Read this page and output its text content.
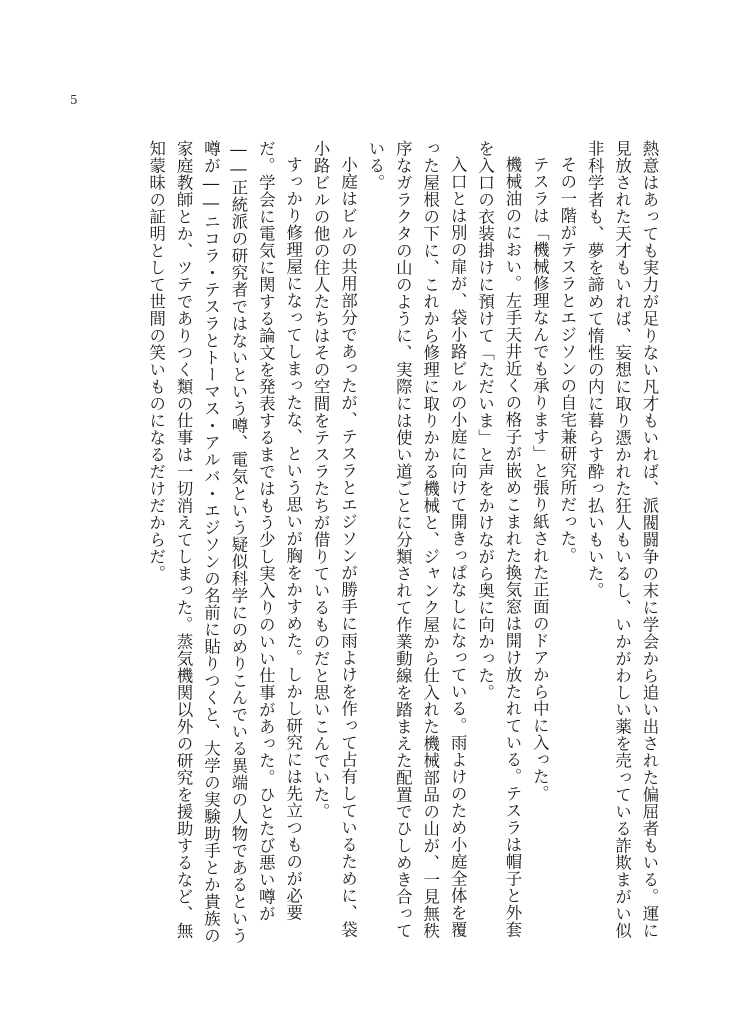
5

熱意はあっても実力が足りない凡才もいれば、派閥闘争の末に学会から追い出された偏屈者もいる。運に見放された天才もいれば、妄想に取り憑かれた狂人もいるし、いかがわしい薬を売っている詐欺まがい似非科学者も、夢を諦めて惰性の内に暮らす酔っ払いもいた。

その一階がテスラとエジソンの自宅兼研究所だった。

テスラは「機械修理なんでも承ります」と張り紙された正面のドアから中に入った。

機械油のにおい。左手天井近くの格子が嵌めこまれた換気窓は開け放たれている。テスラは帽子と外套を入口の衣装掛けに預けて「ただいま」と声をかけながら奥に向かった。

入口とは別の扉が、袋小路ビルの小庭に向けて開きっぱなしになっている。雨よけのため小庭全体を覆った屋根の下に、これから修理に取りかかる機械と、ジャンク屋から仕入れた機械部品の山が、一見無秩序なガラクタの山のように、実際には使い道ごとに分類されて作業動線を踏まえた配置でひしめき合っている。

小庭はビルの共用部分であったが、テスラとエジソンが勝手に雨よけを作って占有しているために、袋小路ビルの他の住人たちはその空間をテスラたちが借りているものだと思いこんでいた。

すっかり修理屋になってしまったな、という思いが胸をかすめた。しかし研究には先立つものが必要だ。学会に電気に関する論文を発表するまではもう少し実入りのいい仕事があった。ひとたび悪い噂が――正統派の研究者ではないという噂、電気という疑似科学にのめりこんでいる異端の人物であるという噂が――ニコラ・テスラとトーマス・アルバ・エジソンの名前に貼りつくと、大学の実験助手とか貴族の家庭教師とか、ツテでありつく類の仕事は一切消えてしまった。蒸気機関以外の研究を援助するなど、無知蒙昧の証明として世間の笑いものになるだけだからだ。
